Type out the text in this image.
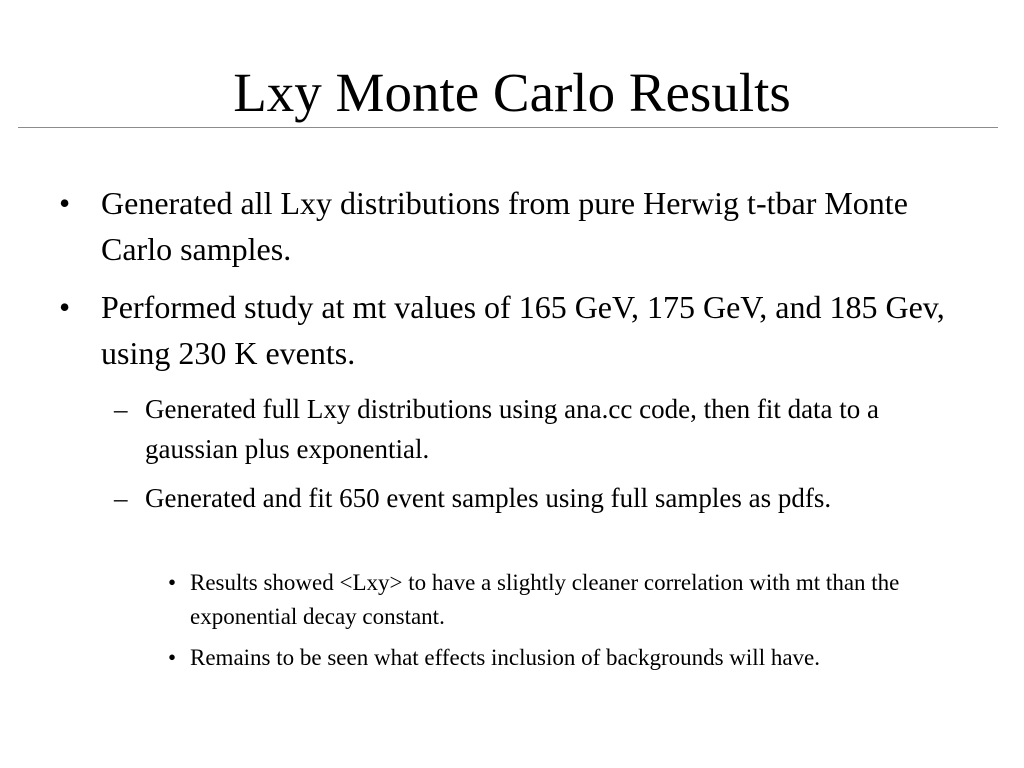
Lxy Monte Carlo Results
• Generated all Lxy distributions from pure Herwig t-tbar Monte Carlo samples.
• Performed study at mt values of 165 GeV, 175 GeV, and 185 Gev, using 230 K events.
– Generated full Lxy distributions using ana.cc code, then fit data to a gaussian plus exponential.
– Generated and fit 650 event samples using full samples as pdfs.
• Results showed <Lxy> to have a slightly cleaner correlation with mt than the exponential decay constant.
• Remains to be seen what effects inclusion of backgrounds will have.
